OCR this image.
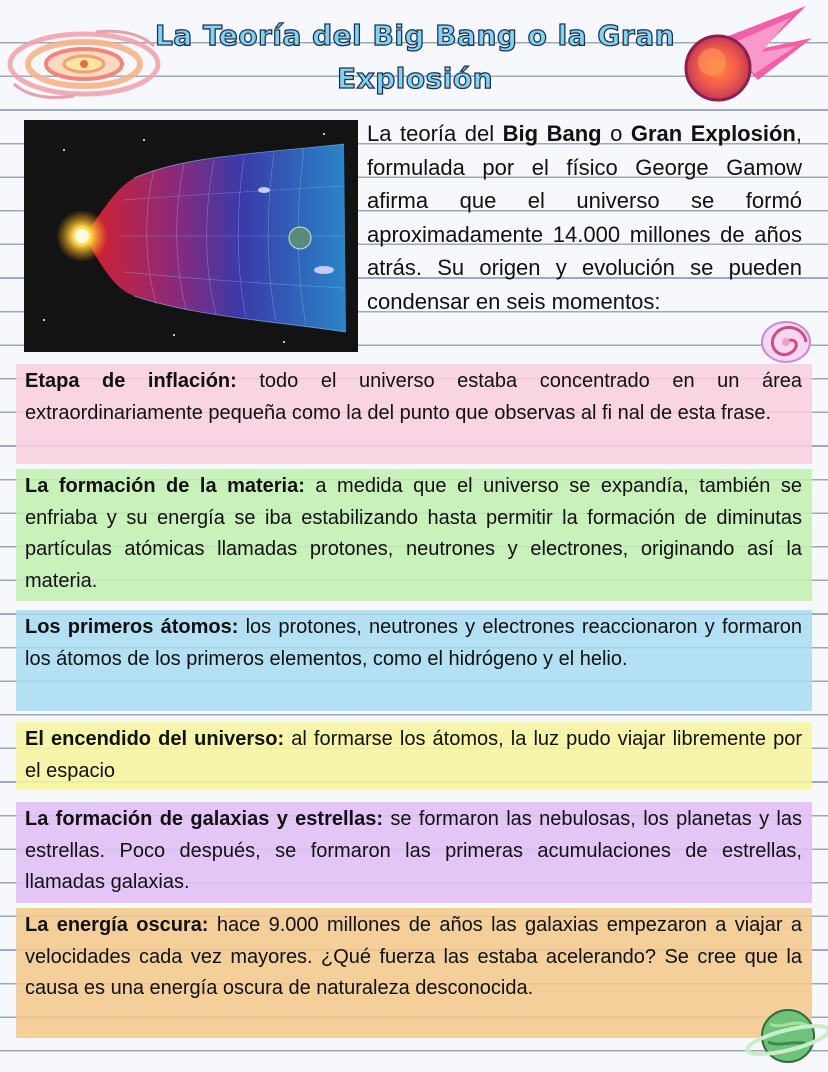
La Teoría del Big Bang o la Gran Explosión
La teoría del Big Bang o Gran Explosión, formulada por el físico George Gamow afirma que el universo se formó aproximadamente 14.000 millones de años atrás. Su origen y evolución se pueden condensar en seis momentos:
Etapa de inflación: todo el universo estaba concentrado en un área extraordinariamente pequeña como la del punto que observas al fi nal de esta frase.
La formación de la materia: a medida que el universo se expandía, también se enfriaba y su energía se iba estabilizando hasta permitir la formación de diminutas partículas atómicas llamadas protones, neutrones y electrones, originando así la materia.
Los primeros átomos: los protones, neutrones y electrones reaccionaron y formaron los átomos de los primeros elementos, como el hidrógeno y el helio.
El encendido del universo: al formarse los átomos, la luz pudo viajar libremente por el espacio
La formación de galaxias y estrellas: se formaron las nebulosas, los planetas y las estrellas. Poco después, se formaron las primeras acumulaciones de estrellas, llamadas galaxias.
La energía oscura: hace 9.000 millones de años las galaxias empezaron a viajar a velocidades cada vez mayores. ¿Qué fuerza las estaba acelerando? Se cree que la causa es una energía oscura de naturaleza desconocida.
